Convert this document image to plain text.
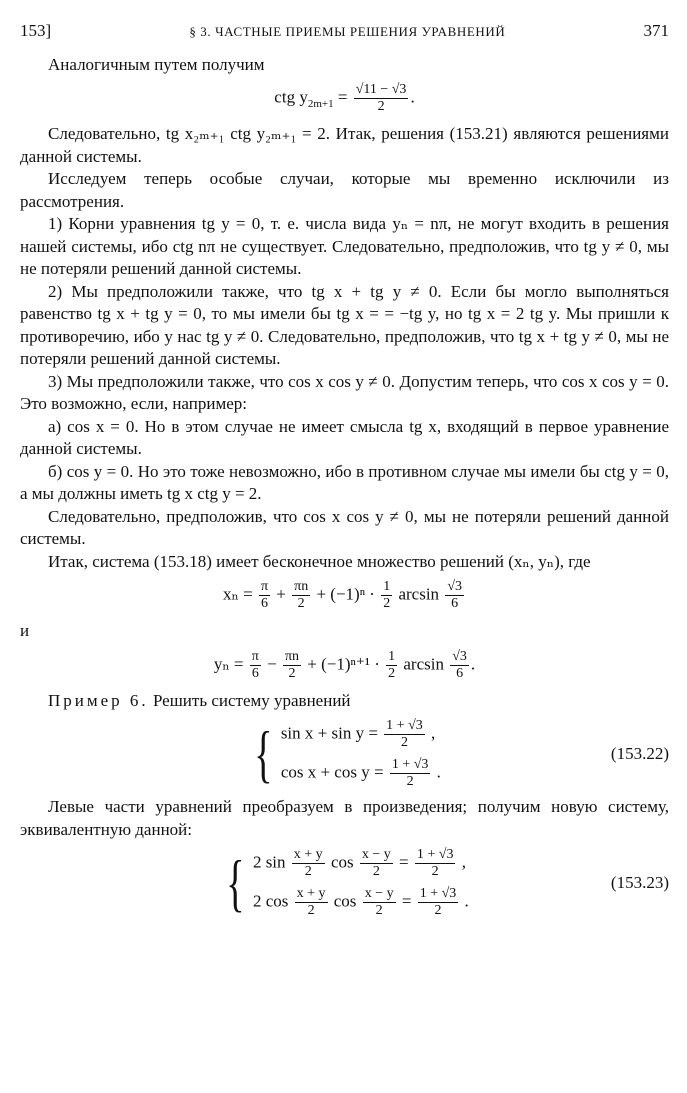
153]	§ 3. ЧАСТНЫЕ ПРИЕМЫ РЕШЕНИЯ УРАВНЕНИЙ	371

Аналогичным путем получим

ctg $y_{2m+1} = \frac{√11 - √3}{2}$ .

Следовательно, tg x₂ₘ₊₁ ctg y₂ₘ₊₁ = 2. Итак, решения (153.21) являются решениями данной системы.

Исследуем теперь особые случаи, которые мы временно исключили из рассмотрения.

1) Корни уравнения tg y = 0, т. е. числа вида yₙ = nπ, не могут входить в решения нашей системы, ибо ctg nπ не существует. Следовательно, предположив, что tg y ≠ 0, мы не потеряли решений данной системы.

2) Мы предположили также, что tg x + tg y ≠ 0. Если бы могло выполняться равенство tg x + tg y = 0, то мы имели бы tg x = = −tg y, но tg x = 2 tg y. Мы пришли к противоречию, ибо у нас tg y ≠ 0. Следовательно, предположив, что tg x + tg y ≠ 0, мы не потеряли решений данной системы.

3) Мы предположили также, что cos x cos y ≠ 0. Допустим теперь, что cos x cos y = 0. Это возможно, если, например:

а) cos x = 0. Но в этом случае не имеет смысла tg x, входящий в первое уравнение данной системы.

б) cos y = 0. Но это тоже невозможно, ибо в противном случае мы имели бы ctg y = 0, а мы должны иметь tg x ctg y = 2.

Следовательно, предположив, что cos x cos y ≠ 0, мы не потеряли решений данной системы.

Итак, система (153.18) имеет бесконечное множество решений (xₙ, yₙ), где

$x_n = \frac{\pi}{6} + \frac{\pi n}{2} + (-1)^n \cdot \frac{1}{2}$ $\arcsin \frac{√3}{6}$

и

$y_n = \frac{\pi}{6} - \frac{\pi n}{2} + (-1)^{n+1} \cdot \frac{1}{2}$ $\arcsin \frac{√3}{6}$ .

Пример 6. Решить систему уравнений

{ $\sin x + \sin y = \frac{1 + √3}{2}$ ,
$\cos x + \cos y = \frac{1 + √3}{2}$ .
(153.22)

Левые части уравнений преобразуем в произведения; получим новую систему, эквивалентную данной:

{ 2 $\sin \frac{x + y}{2}$ $\cos \frac{x - y}{2} = \frac{1 + √3}{2}$ ,
2 $\cos \frac{x + y}{2}$ $\cos \frac{x - y}{2} = \frac{1 + √3}{2}$ .
(153.23)
